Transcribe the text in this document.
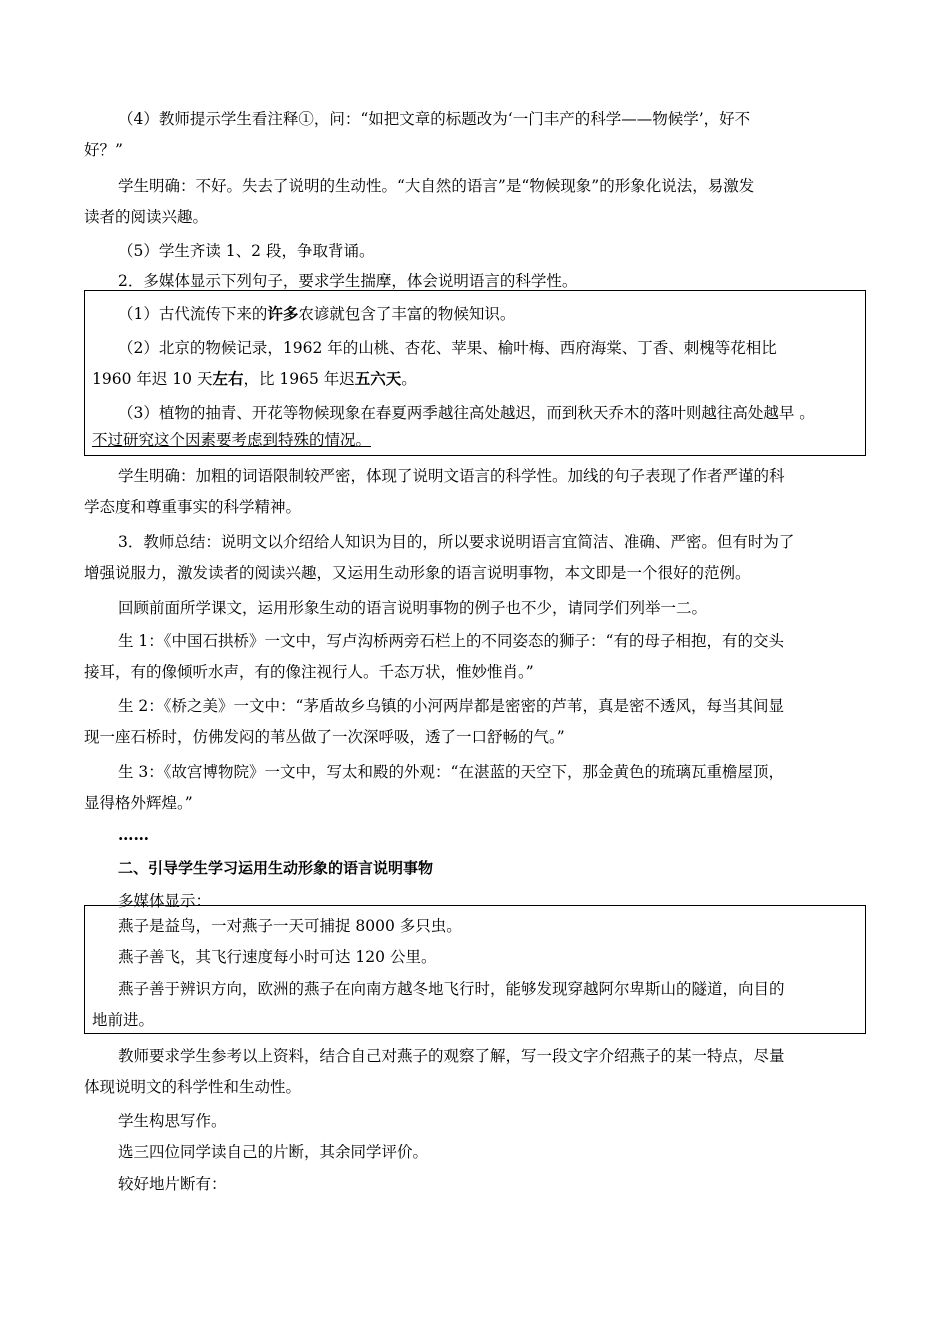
（4）教师提示学生看注释①，问：“如把文章的标题改为‘一门丰产的科学——物候学’，好不
好？”
学生明确：不好。失去了说明的生动性。“大自然的语言”是“物候现象”的形象化说法，易激发
读者的阅读兴趣。
（5）学生齐读 1、2 段，争取背诵。
2．多媒体显示下列句子，要求学生揣摩，体会说明语言的科学性。
（1）古代流传下来的许多农谚就包含了丰富的物候知识。
（2）北京的物候记录，1962 年的山桃、杏花、苹果、榆叶梅、西府海棠、丁香、刺槐等花相比
1960 年迟 10 天左右，比 1965 年迟五六天。
（3）植物的抽青、开花等物候现象在春夏两季越往高处越迟，而到秋天乔木的落叶则越往高处越早 。
不过研究这个因素要考虑到特殊的情况。
学生明确：加粗的词语限制较严密，体现了说明文语言的科学性。加线的句子表现了作者严谨的科
学态度和尊重事实的科学精神。
3．教师总结：说明文以介绍给人知识为目的，所以要求说明语言宜简洁、准确、严密。但有时为了
增强说服力，激发读者的阅读兴趣，又运用生动形象的语言说明事物，本文即是一个很好的范例。
回顾前面所学课文，运用形象生动的语言说明事物的例子也不少，请同学们列举一二。
生 1：《中国石拱桥》一文中，写卢沟桥两旁石栏上的不同姿态的狮子：“有的母子相抱，有的交头
接耳，有的像倾听水声，有的像注视行人。千态万状，惟妙惟肖。”
生 2：《桥之美》一文中：“茅盾故乡乌镇的小河两岸都是密密的芦苇，真是密不透风，每当其间显
现一座石桥时，仿佛发闷的苇丛做了一次深呼吸，透了一口舒畅的气。”
生 3：《故宫博物院》一文中，写太和殿的外观：“在湛蓝的天空下，那金黄色的琉璃瓦重檐屋顶，
显得格外辉煌。”
……
二、引导学生学习运用生动形象的语言说明事物
多媒体显示：
燕子是益鸟，一对燕子一天可捕捉 8000 多只虫。
燕子善飞，其飞行速度每小时可达 120 公里。
燕子善于辨识方向，欧洲的燕子在向南方越冬地飞行时，能够发现穿越阿尔卑斯山的隧道，向目的
地前进。
教师要求学生参考以上资料，结合自己对燕子的观察了解，写一段文字介绍燕子的某一特点，尽量
体现说明文的科学性和生动性。
学生构思写作。
选三四位同学读自己的片断，其余同学评价。
较好地片断有：
